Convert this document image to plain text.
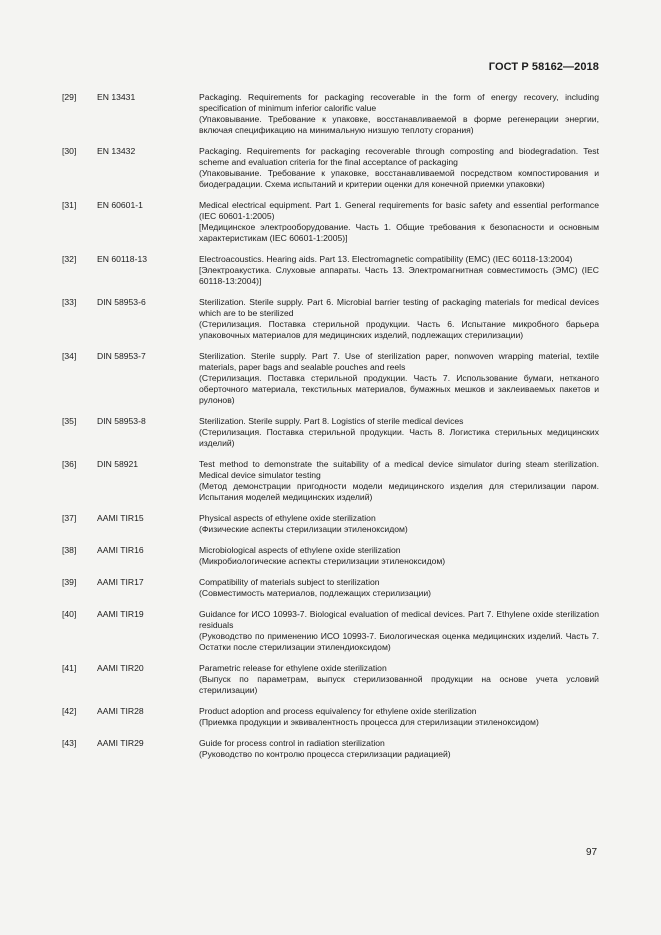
ГОСТ Р 58162—2018
[29]	EN 13431	Packaging. Requirements for packaging recoverable in the form of energy recovery, including specification of minimum inferior calorific value
(Упаковывание. Требование к упаковке, восстанавливаемой в форме регенерации энергии, включая спецификацию на минимальную низшую теплоту сгорания)
[30]	EN 13432	Packaging. Requirements for packaging recoverable through composting and biodegradation. Test scheme and evaluation criteria for the final acceptance of packaging
(Упаковывание. Требование к упаковке, восстанавливаемой посредством компостирования и биодеградации. Схема испытаний и критерии оценки для конечной приемки упаковки)
[31]	EN 60601-1	Medical electrical equipment. Part 1. General requirements for basic safety and essential performance (IEC 60601-1:2005)
[Медицинское электрооборудование. Часть 1. Общие требования к безопасности и основным характеристикам (IEC 60601-1:2005)]
[32]	EN 60118-13	Electroacoustics. Hearing aids. Part 13. Electromagnetic compatibility (EMC) (IEC 60118-13:2004)
[Электроакустика. Слуховые аппараты. Часть 13. Электромагнитная совместимость (ЭМС) (IEC 60118-13:2004)]
[33]	DIN 58953-6	Sterilization. Sterile supply. Part 6. Microbial barrier testing of packaging materials for medical devices which are to be sterilized
(Стерилизация. Поставка стерильной продукции. Часть 6. Испытание микробного барьера упаковочных материалов для медицинских изделий, подлежащих стерилизации)
[34]	DIN 58953-7	Sterilization. Sterile supply. Part 7. Use of sterilization paper, nonwoven wrapping material, textile materials, paper bags and sealable pouches and reels
(Стерилизация. Поставка стерильной продукции. Часть 7. Использование бумаги, нетканого оберточного материала, текстильных материалов, бумажных мешков и заклеиваемых пакетов и рулонов)
[35]	DIN 58953-8	Sterilization. Sterile supply. Part 8. Logistics of sterile medical devices
(Стерилизация. Поставка стерильной продукции. Часть 8. Логистика стерильных медицинских изделий)
[36]	DIN 58921	Test method to demonstrate the suitability of a medical device simulator during steam sterilization. Medical device simulator testing
(Метод демонстрации пригодности модели медицинского изделия для стерилизации паром. Испытания моделей медицинских изделий)
[37]	AAMI TIR15	Physical aspects of ethylene oxide sterilization
(Физические аспекты стерилизации этиленоксидом)
[38]	AAMI TIR16	Microbiological aspects of ethylene oxide sterilization
(Микробиологические аспекты стерилизации этиленоксидом)
[39]	AAMI TIR17	Compatibility of materials subject to sterilization
(Совместимость материалов, подлежащих стерилизации)
[40]	AAMI TIR19	Guidance for ИСО 10993-7. Biological evaluation of medical devices. Part 7. Ethylene oxide sterilization residuals
(Руководство по применению ИСО 10993-7. Биологическая оценка медицинских изделий. Часть 7. Остатки после стерилизации этилендиоксидом)
[41]	AAMI TIR20	Parametric release for ethylene oxide sterilization
(Выпуск по параметрам, выпуск стерилизованной продукции на основе учета условий стерилизации)
[42]	AAMI TIR28	Product adoption and process equivalency for ethylene oxide sterilization
(Приемка продукции и эквивалентность процесса для стерилизации этиленоксидом)
[43]	AAMI TIR29	Guide for process control in radiation sterilization
(Руководство по контролю процесса стерилизации радиацией)
97
